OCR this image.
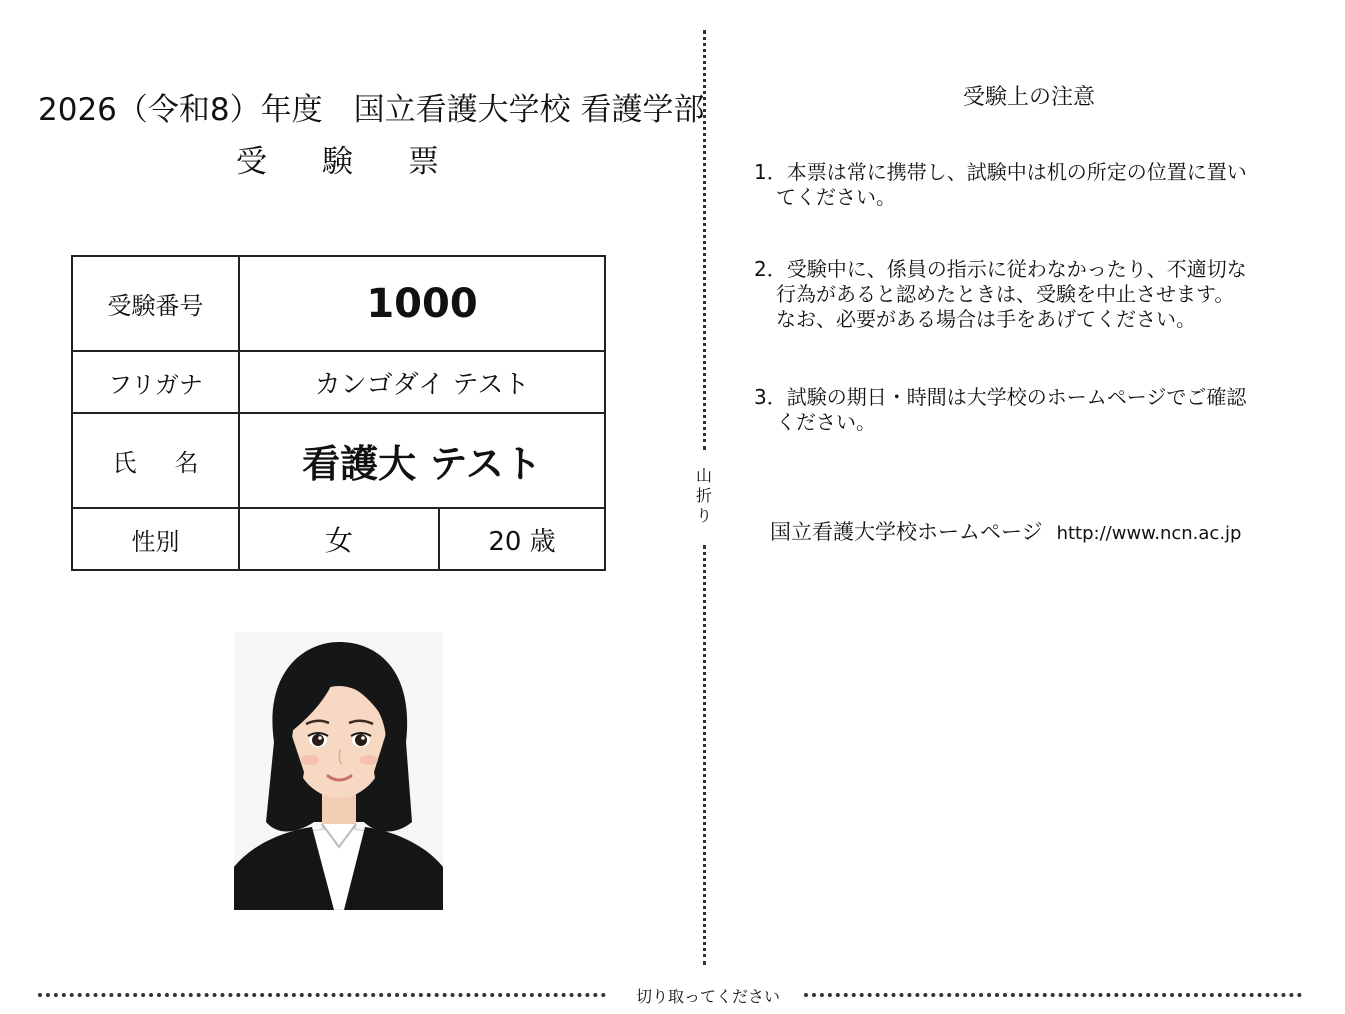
2026（令和8）年度　国立看護大学校 看護学部
受 験 票
受験番号	1000	
フリガナ	カンゴダイ テスト	
氏 名	看護大 テスト	
性別	女	20 歳
山
折
り
切り取ってください
受験上の注意
1．本票は常に携帯し、試験中は机の所定の位置に置い
てください。
2．受験中に、係員の指示に従わなかったり、不適切な
行為があると認めたときは、受験を中止させます。
なお、必要がある場合は手をあげてください。
3．試験の期日・時間は大学校のホームページでご確認
ください。
国立看護大学校ホームページ http://www.ncn.ac.jp
